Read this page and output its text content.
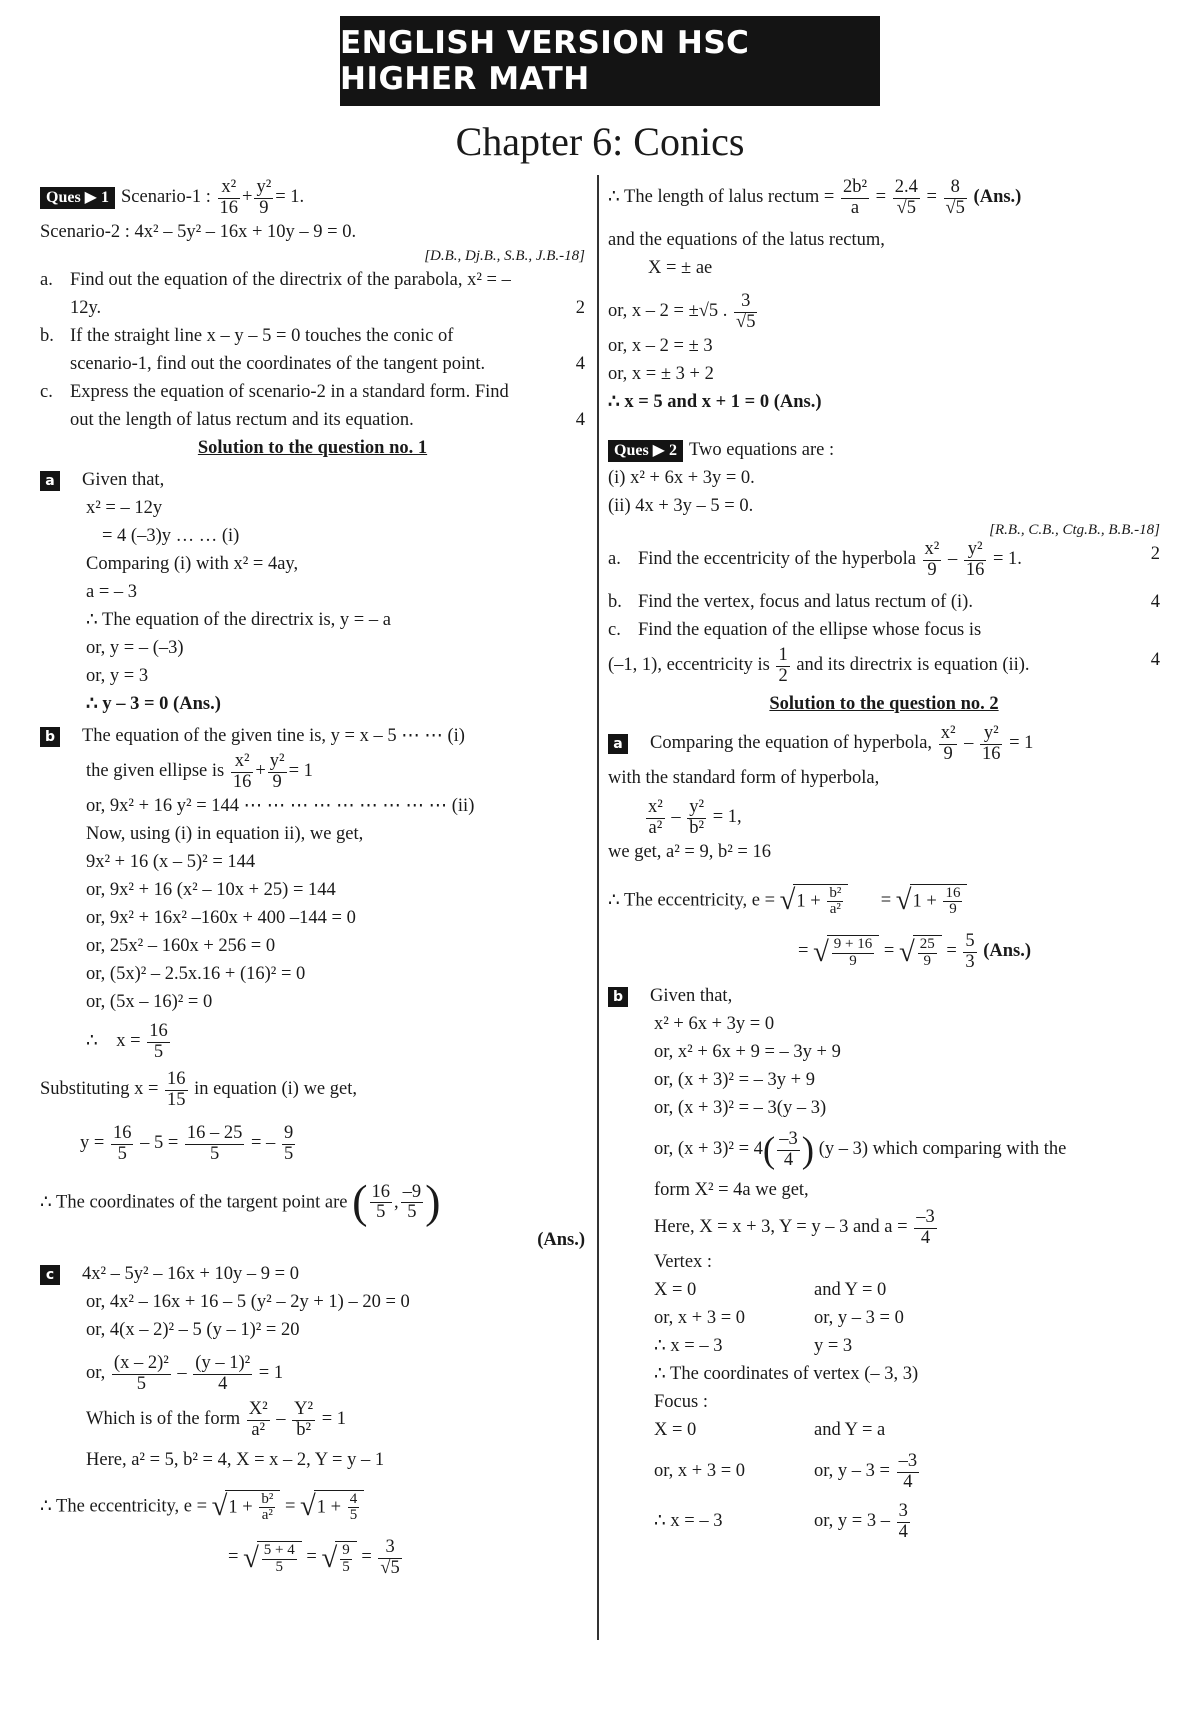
ENGLISH VERSION HSC HIGHER MATH
Chapter 6: Conics
Ques ▶ 1 Scenario-1 : $\frac{\text{x²}}{16} + \frac{\text{y²}}{9} = 1$.
Scenario-2 : 4x² – 5y² – 16x + 10y – 9 = 0.
[D.B., Dj.B., S.B., J.B.-18]
a. Find out the equation of the directrix of the parabola, x² = –
12y.	2
b. If the straight line x – y – 5 = 0 touches the conic of
scenario-1, find out the coordinates of the tangent point.	4
c. Express the equation of scenario-2 in a standard form. Find
out the length of latus rectum and its equation.	4
Solution to the question no. 1
a Given that,
x² = – 12y
= 4 (–3)y … … (i)
Comparing (i) with x² = 4ay,
a = – 3
∴ The equation of the directrix is, y = – a
or, y = – (–3)
or, y = 3
∴ y – 3 = 0 (Ans.)
b The equation of the given tine is, y = x – 5 ⋯ ⋯ (i)
the given ellipse is $\frac{\text{x²}}{16} + \frac{\text{y²}}{9} = 1$
or, 9x² + 16 y² = 144 ⋯ ⋯ ⋯ ⋯ ⋯ ⋯ ⋯ ⋯ ⋯ (ii)
Now, using (i) in equation ii), we get,
9x² + 16 (x – 5)² = 144
or, 9x² + 16 (x² – 10x + 25) = 144
or, 9x² + 16x² –160x + 400 –144 = 0
or, 25x² – 160x + 256 = 0
or, (5x)² – 2.5x.16 + (16)² = 0
or, (5x – 16)² = 0
∴    $x = \frac{16}{5}$
Substituting $x = \frac{16}{15}$ in equation (i) we get,
$y = \frac{16}{5} - 5 = \frac{16 - 25}{5}$ = – $\frac{9}{5}$
∴ The coordinates of the targent point are ( $\frac{16}{5}$ , $\frac{-9}{5}$ )
(Ans.)
c 4x² – 5y² – 16x + 10y – 9 = 0
or, 4x² – 16x + 16 – 5 (y² – 2y + 1) – 20 = 0
or, 4(x – 2)² – 5 (y – 1)² = 20
or, $\frac{\text{(x – 2)²}}{5} - \frac{\text{(y – 1)²}}{4} = 1$
Which is of the form $\frac{\text{X²}}{\text{a²}} - \frac{\text{Y²}}{\text{b²}} = 1$
Here, a² = 5, b² = 4, X = x – 2, Y = y – 1
∴ The eccentricity, $e = √1 + \frac{\text{b²}}{\text{a²}} = √1 + \frac{4}{5}$
= √ $\frac{5 + 4}{5}$ = √ $\frac{9}{5} = \frac{3}{√5}$
∴ The length of lalus rectum = $\frac{\text{2b²}}{a} = \frac{2.4}{√5} = \frac{8}{√5} (Ans.)$
and the equations of the latus rectum,
X = ± ae
or, x – 2 = ±√5 . $\frac{3}{√5}$
or, x – 2 = ± 3
or, x = ± 3 + 2
∴ x = 5 and x + 1 = 0 (Ans.)
Ques ▶ 2 Two equations are :
(i) x² + 6x + 3y = 0.
(ii) 4x + 3y – 5 = 0.
[R.B., C.B., Ctg.B., B.B.-18]
a. Find the eccentricity of the hyperbola $\frac{\text{x²}}{9} - \frac{\text{y²}}{16} = 1$.	2
b. Find the vertex, focus and latus rectum of (i).	4
c. Find the equation of the ellipse whose focus is
(–1, 1), eccentricity is $\frac{1}{2}$ and its directrix is equation (ii).	4
Solution to the question no. 2
a Comparing the equation of hyperbola, $\frac{\text{x²}}{9} - \frac{\text{y²}}{16} = 1$
with the standard form of hyperbola,
$\frac{\text{x²}}{\text{a²}} - \frac{\text{y²}}{\text{b²}} = 1$,
we get, a² = 9, b² = 16
∴ The eccentricity, $e = √1 + \frac{\text{b²}}{\text{a²}} = √1 + \frac{16}{9}$
= √ $\frac{9 + 16}{9}$ = √ $\frac{25}{9} = \frac{5}{3} (Ans.)$
b Given that,
x² + 6x + 3y = 0
or, x² + 6x + 9 = – 3y + 9
or, (x + 3)² = – 3y + 9
or, (x + 3)² = – 3(y – 3)
or, $(x + 3)^2 = 4( \frac{-3}{4}$ ) (y – 3) which comparing with the
form X² = 4a we get,
Here, X = x + 3, Y = y – 3 and $a = \frac{-3}{4}$
Vertex :
X = 0	and Y = 0
or, x + 3 = 0	or, y – 3 = 0
∴ x = – 3	y = 3
∴ The coordinates of vertex (– 3, 3)
Focus :
X = 0	and Y = a
or, x + 3 = 0	or, $y - 3 = \frac{-3}{4}$
∴ x = – 3	or, $y = 3 - \frac{3}{4}$
